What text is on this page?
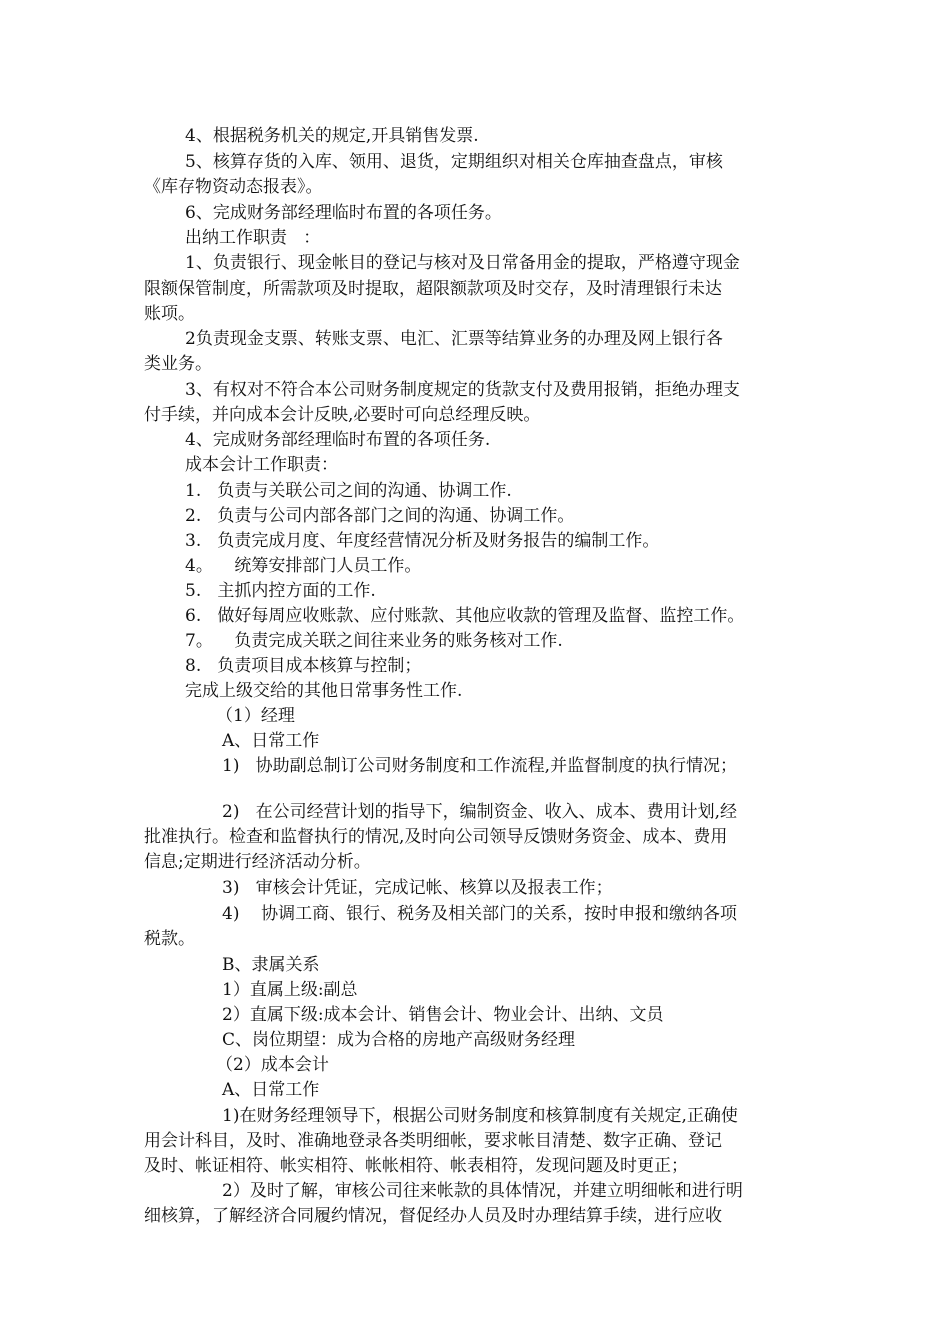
4、根据税务机关的规定,开具销售发票.
5、核算存货的入库、领用、退货，定期组织对相关仓库抽查盘点，审核
《库存物资动态报表》。
6、完成财务部经理临时布置的各项任务。
出纳工作职责   ：
1、负责银行、现金帐目的登记与核对及日常备用金的提取，严格遵守现金
限额保管制度，所需款项及时提取，超限额款项及时交存，及时清理银行未达
账项。
2负责现金支票、转账支票、电汇、汇票等结算业务的办理及网上银行各
类业务。
3、有权对不符合本公司财务制度规定的货款支付及费用报销，拒绝办理支
付手续，并向成本会计反映,必要时可向总经理反映。
4、完成财务部经理临时布置的各项任务.
成本会计工作职责：
1.   负责与关联公司之间的沟通、协调工作.
2.   负责与公司内部各部门之间的沟通、协调工作。
3.   负责完成月度、年度经营情况分析及财务报告的编制工作。
4。    统筹安排部门人员工作。
5.   主抓内控方面的工作.
6.   做好每周应收账款、应付账款、其他应收款的管理及监督、监控工作。
7。    负责完成关联之间往来业务的账务核对工作.
8.   负责项目成本核算与控制；
完成上级交给的其他日常事务性工作.
（1）经理
A、日常工作
1)   协助副总制订公司财务制度和工作流程,并监督制度的执行情况；
2)   在公司经营计划的指导下，编制资金、收入、成本、费用计划,经
批准执行。检查和监督执行的情况,及时向公司领导反馈财务资金、成本、费用
信息;定期进行经济活动分析。
3)   审核会计凭证，完成记帐、核算以及报表工作；
4)    协调工商、银行、税务及相关部门的关系，按时申报和缴纳各项
税款。
B、隶属关系
1）直属上级:副总
2）直属下级:成本会计、销售会计、物业会计、出纳、文员
C、岗位期望：成为合格的房地产高级财务经理
（2）成本会计
A、日常工作
1)在财务经理领导下，根据公司财务制度和核算制度有关规定,正确使
用会计科目，及时、准确地登录各类明细帐，要求帐目清楚、数字正确、登记
及时、帐证相符、帐实相符、帐帐相符、帐表相符，发现问题及时更正；
2）及时了解，审核公司往来帐款的具体情况，并建立明细帐和进行明
细核算，了解经济合同履约情况，督促经办人员及时办理结算手续，进行应收
